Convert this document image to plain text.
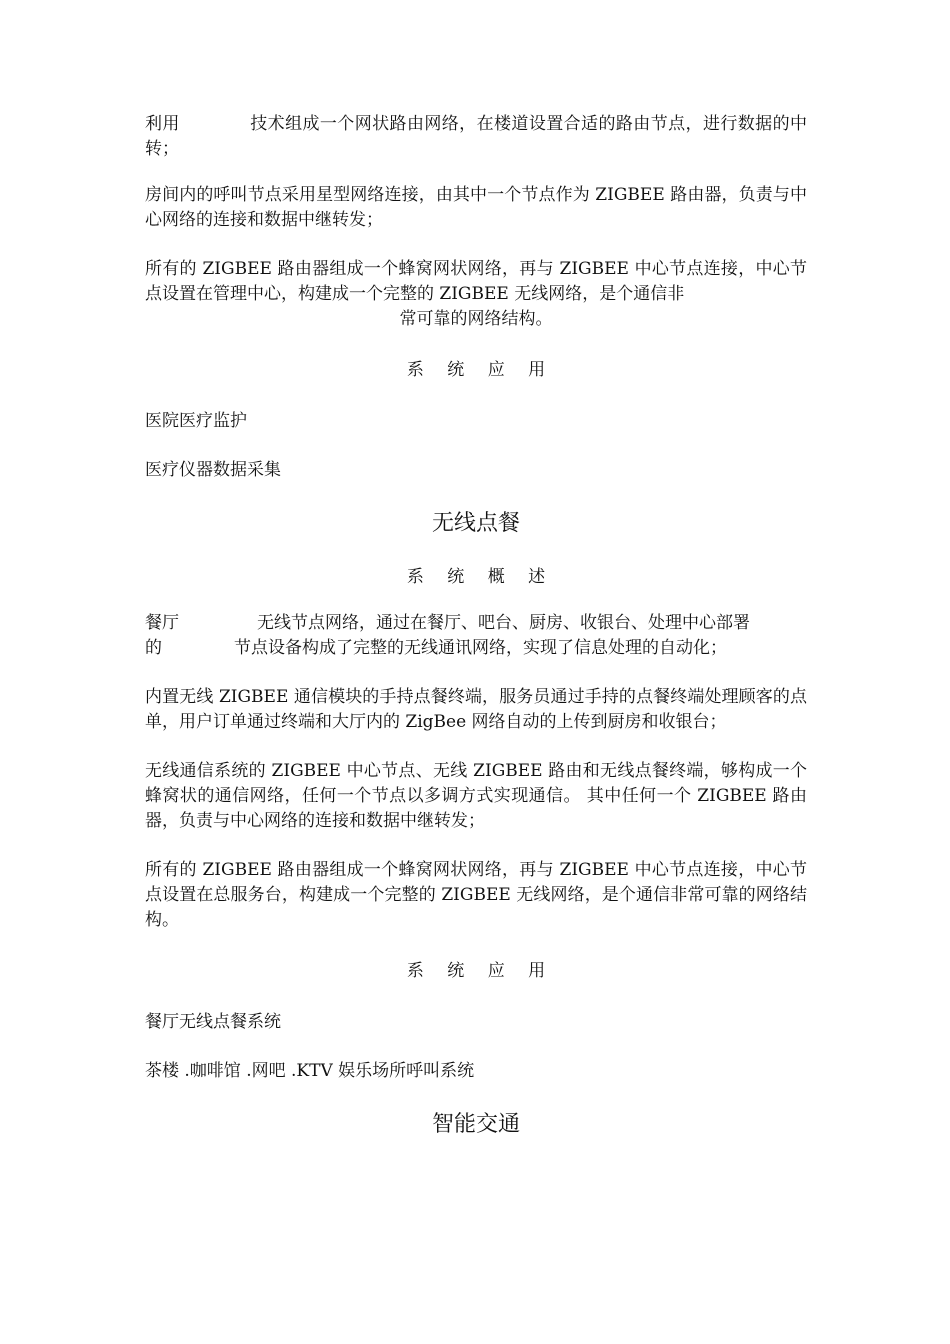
利用	技术组成一个网状路由网络，在楼道设置合适的路由节点，进行数据的中转；

房间内的呼叫节点采用星型网络连接，由其中一个节点作为 ZIGBEE 路由器，负责与中心网络的连接和数据中继转发；

所有的 ZIGBEE 路由器组成一个蜂窝网状网络，再与 ZIGBEE 中心节点连接，中心节点设置在管理中心，构建成一个完整的 ZIGBEE 无线网络，是个通信非

常可靠的网络结构。

系 统 应 用

医院医疗监护

医疗仪器数据采集

无线点餐

系 统 概 述

餐厅	无线节点网络，通过在餐厅、吧台、厨房、收银台、处理中心部署
的	节点设备构成了完整的无线通讯网络，实现了信息处理的自动化；

内置无线 ZIGBEE 通信模块的手持点餐终端，服务员通过手持的点餐终端处理顾客的点单，用户订单通过终端和大厅内的 ZigBee 网络自动的上传到厨房和收银台；

无线通信系统的 ZIGBEE 中心节点、无线 ZIGBEE 路由和无线点餐终端，够构成一个蜂窝状的通信网络，任何一个节点以多调方式实现通信。 其中任何一个 ZIGBEE 路由器，负责与中心网络的连接和数据中继转发；

所有的 ZIGBEE 路由器组成一个蜂窝网状网络，再与 ZIGBEE 中心节点连接，中心节点设置在总服务台，构建成一个完整的 ZIGBEE 无线网络，是个通信非常可靠的网络结构。

系 统 应 用

餐厅无线点餐系统

茶楼 .咖啡馆 .网吧 .KTV 娱乐场所呼叫系统

智能交通
